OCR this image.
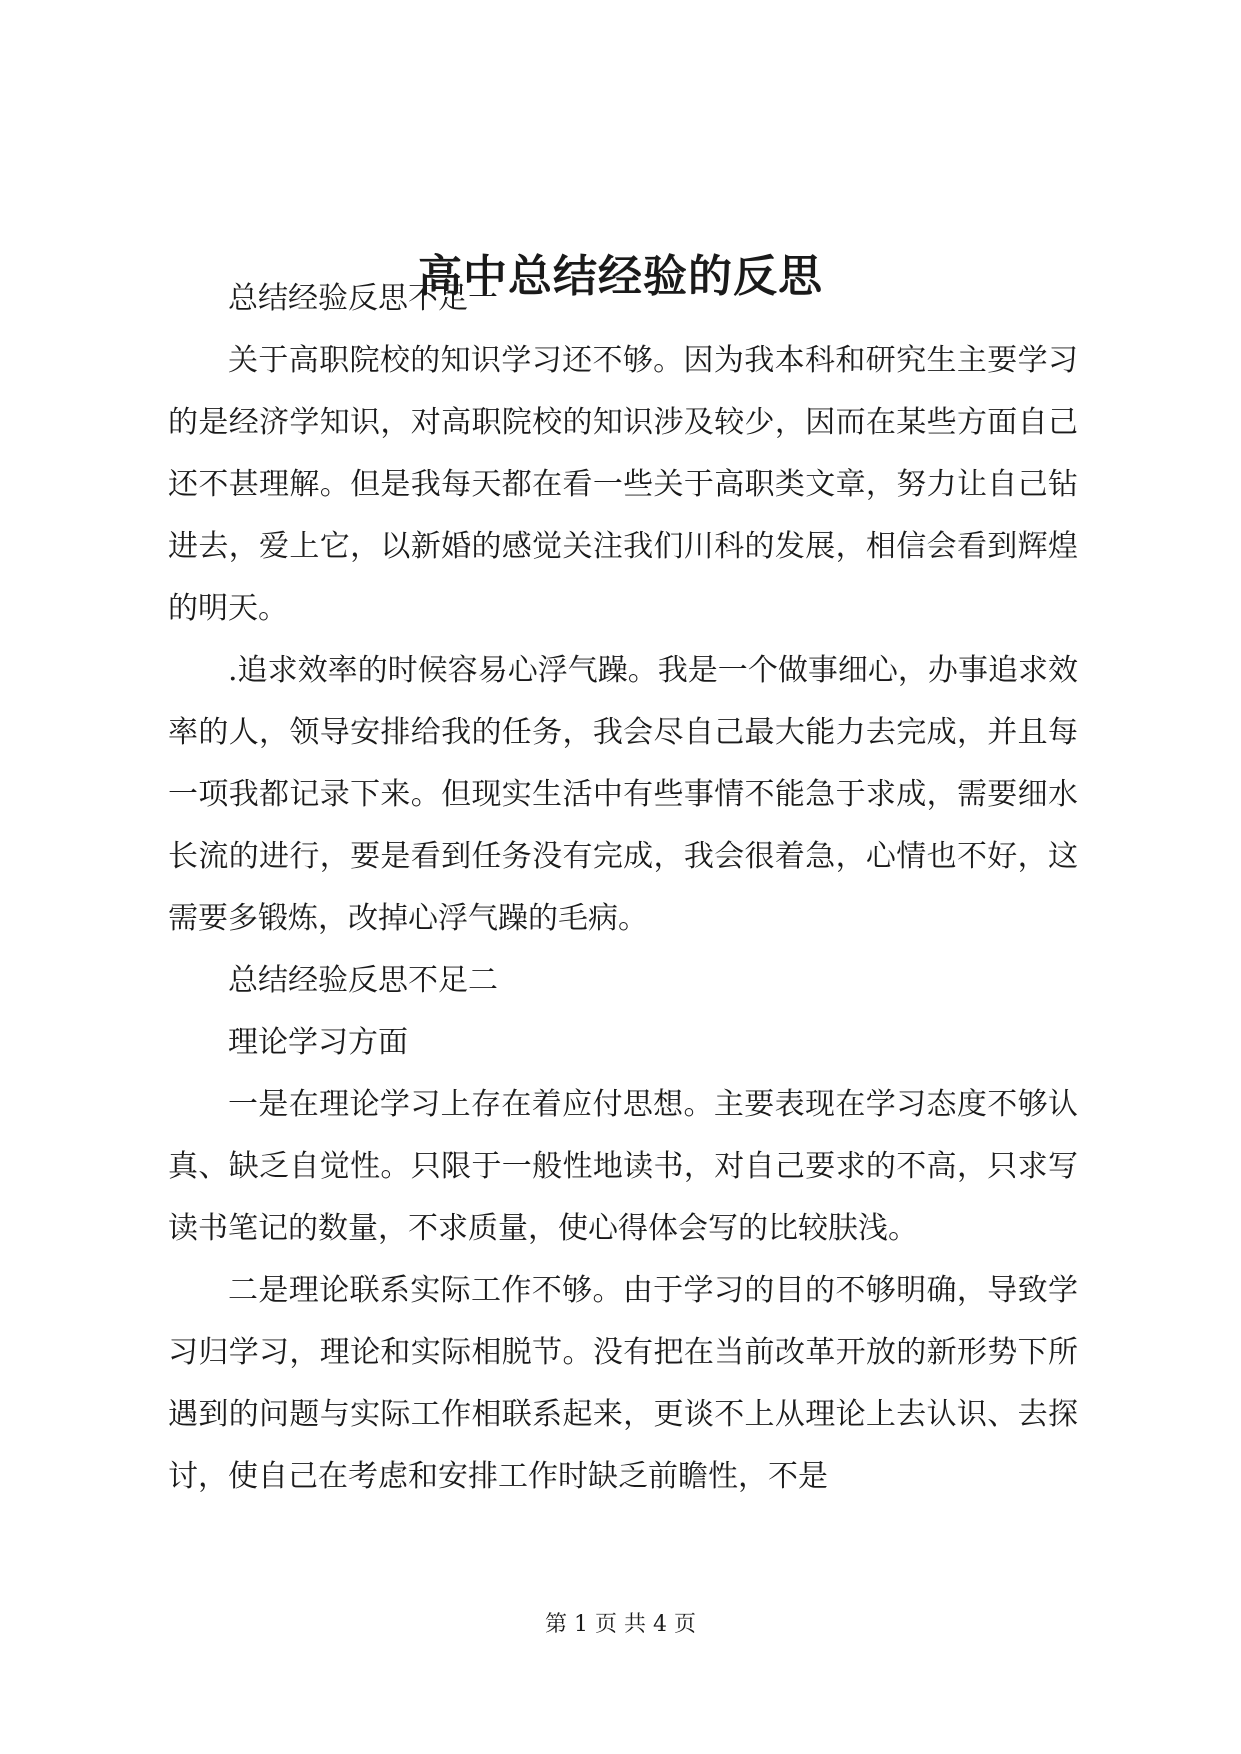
高中总结经验的反思

总结经验反思不足一

关于高职院校的知识学习还不够。因为我本科和研究生主要学习的是经济学知识，对高职院校的知识涉及较少，因而在某些方面自己还不甚理解。但是我每天都在看一些关于高职类文章，努力让自己钻进去，爱上它，以新婚的感觉关注我们川科的发展，相信会看到辉煌的明天。

.追求效率的时候容易心浮气躁。我是一个做事细心，办事追求效率的人，领导安排给我的任务，我会尽自己最大能力去完成，并且每一项我都记录下来。但现实生活中有些事情不能急于求成，需要细水长流的进行，要是看到任务没有完成，我会很着急，心情也不好，这需要多锻炼，改掉心浮气躁的毛病。

总结经验反思不足二

理论学习方面

一是在理论学习上存在着应付思想。主要表现在学习态度不够认真、缺乏自觉性。只限于一般性地读书，对自己要求的不高，只求写读书笔记的数量，不求质量，使心得体会写的比较肤浅。

二是理论联系实际工作不够。由于学习的目的不够明确，导致学习归学习，理论和实际相脱节。没有把在当前改革开放的新形势下所遇到的问题与实际工作相联系起来，更谈不上从理论上去认识、去探讨，使自己在考虑和安排工作时缺乏前瞻性，不是

第 1 页 共 4 页
